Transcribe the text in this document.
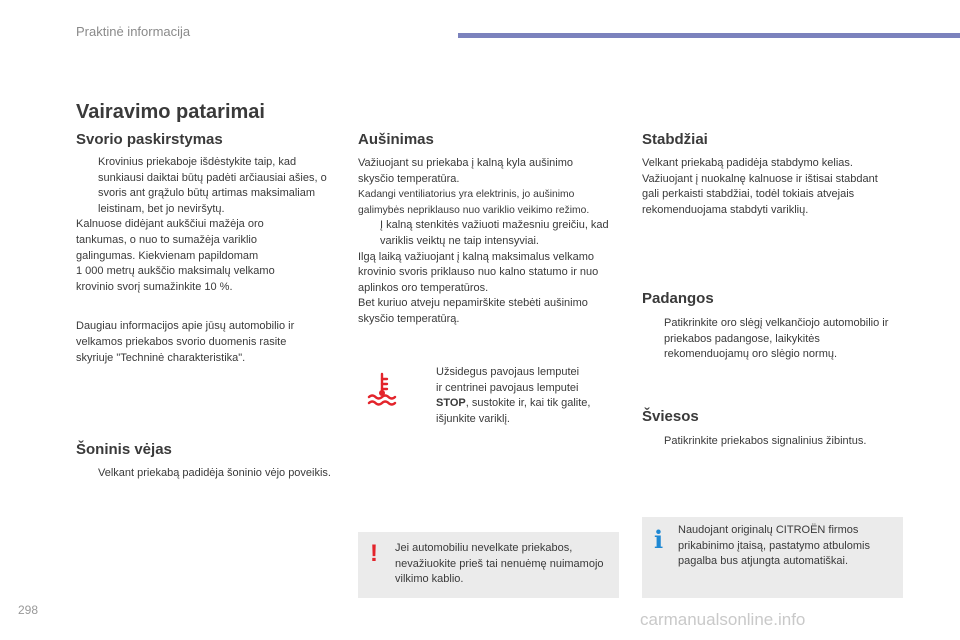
Praktinė informacija
Vairavimo patarimai
Svorio paskirstymas

Krovinius priekaboje išdėstykite taip, kad sunkiausi daiktai būtų padėti arčiausiai ašies, o svoris ant grąžulo būtų artimas maksimaliam leistinam, bet jo neviršytų.

Kalnuose didėjant aukščiui mažėja oro

tankumas, o nuo to sumažėja variklio

galingumas. Kiekvienam papildomam

1 000 metrų aukščio maksimalų velkamo

krovinio svorį sumažinkite 10 %.

Daugiau informacijos apie jūsų automobilio ir velkamos priekabos svorio duomenis rasite skyriuje "Techninė charakteristika".

Šoninis vėjas

Velkant priekabą padidėja šoninio vėjo poveikis.

Aušinimas

Važiuojant su priekaba į kalną kyla aušinimo skysčio temperatūra.

Kadangi ventiliatorius yra elektrinis, jo aušinimo galimybės nepriklauso nuo variklio veikimo režimo.

Į kalną stenkitės važiuoti mažesniu greičiu, kad variklis veiktų ne taip intensyviai.

Ilgą laiką važiuojant į kalną maksimalus velkamo krovinio svoris priklauso nuo kalno statumo ir nuo aplinkos oro temperatūros.

Bet kuriuo atveju nepamirškite stebėti aušinimo skysčio temperatūrą.

Užsidegus pavojaus lemputei

ir centrinei pavojaus lemputei

STOP, sustokite ir, kai tik galite,

išjunkite variklį.

! Jei automobiliu nevelkate priekabos, nevažiuokite prieš tai nenuėmę nuimamojo vilkimo kablio.

Stabdžiai

Velkant priekabą padidėja stabdymo kelias. Važiuojant į nuokalnę kalnuose ir ištisai stabdant gali perkaisti stabdžiai, todėl tokiais atvejais rekomenduojama stabdyti variklių.

Padangos

Patikrinkite oro slėgį velkančiojo automobilio ir priekabos padangose, laikykitės rekomenduojamų oro slėgio normų.

Šviesos

Patikrinkite priekabos signalinius žibintus.

i Naudojant originalų CITROËN firmos prikabinimo įtaisą, pastatymo atbulomis pagalba bus atjungta automatiškai.

298	carmanualsonline.info
